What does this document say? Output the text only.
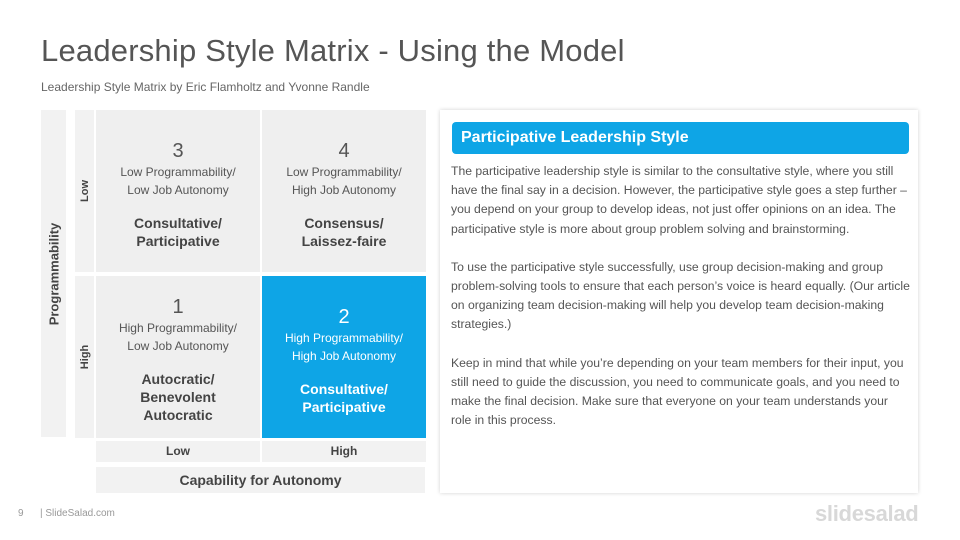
Leadership Style Matrix - Using the Model
Leadership Style Matrix by Eric Flamholtz and Yvonne Randle
Programmability
Low
High
3
Low Programmability/
Low Job Autonomy
Consultative/
Participative
4
Low Programmability/
High Job Autonomy
Consensus/
Laissez-faire
1
High Programmability/
Low Job Autonomy
Autocratic/
Benevolent
Autocratic
2
High Programmability/
High Job Autonomy
Consultative/
Participative
Low	High
Capability for Autonomy
Participative Leadership Style

The participative leadership style is similar to the consultative style, where you still have the final say in a decision. However, the participative style goes a step further – you depend on your group to develop ideas, not just offer opinions on an idea. The participative style is more about group problem solving and brainstorming.

To use the participative style successfully, use group decision-making and group problem-solving tools to ensure that each person’s voice is heard equally. (Our article on organizing team decision-making will help you develop team decision-making strategies.)

Keep in mind that while you’re depending on your team members for their input, you still need to guide the discussion, you need to communicate goals, and you need to make the final decision. Make sure that everyone on your team understands your role in this process.

9 | SlideSalad.com	slidesalad
